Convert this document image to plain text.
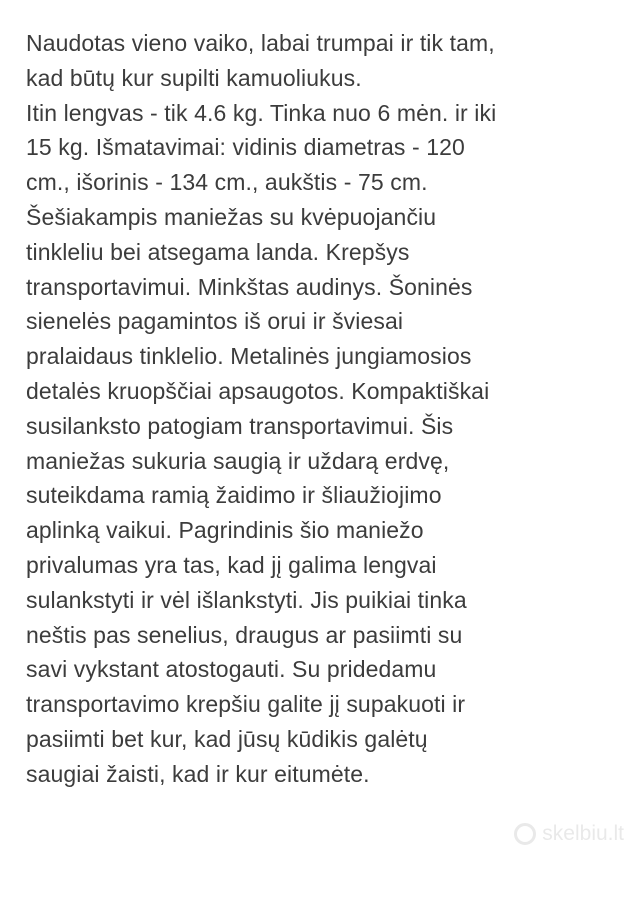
Naudotas vieno vaiko, labai trumpai ir tik tam,
kad būtų kur supilti kamuoliukus.
Itin lengvas - tik 4.6 kg. Tinka nuo 6 mėn. ir iki
15 kg. Išmatavimai: vidinis diametras - 120
cm., išorinis - 134 cm., aukštis - 75 cm.
Šešiakampis maniežas su kvėpuojančiu
tinkleliu bei atsegama landa. Krepšys
transportavimui. Minkštas audinys. Šoninės
sienelės pagamintos iš orui ir šviesai
pralaidaus tinklelio. Metalinės jungiamosios
detalės kruopščiai apsaugotos. Kompaktiškai
susilanksto patogiam transportavimui. Šis
maniežas sukuria saugią ir uždarą erdvę,
suteikdama ramią žaidimo ir šliaužiojimo
aplinką vaikui. Pagrindinis šio maniežo
privalumas yra tas, kad jį galima lengvai
sulankstyti ir vėl išlankstyti. Jis puikiai tinka
neštis pas senelius, draugus ar pasiimti su
savi vykstant atostogauti. Su pridedamu
transportavimo krepšiu galite jį supakuoti ir
pasiimti bet kur, kad jūsų kūdikis galėtų
saugiai žaisti, kad ir kur eitumėte.

skelbiu.lt
